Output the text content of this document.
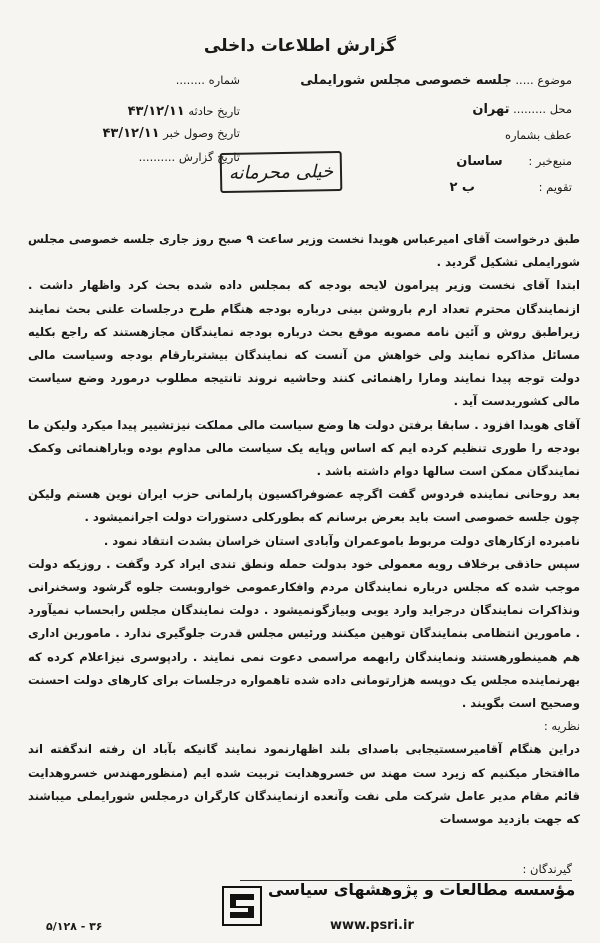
گزارش اطلاعات داخلی
موضوع ..... جلسه خصوصی مجلس شورایملی
محل ......... تهران
عطف بشماره
منبع‌خبر : ساسان
تقویم : ب ۲
شماره ........
تاریخ حادثه ۴۳/۱۲/۱۱
تاریخ وصول خبر ۴۳/۱۲/۱۱
تاریخ گزارش ..........
خیلی محرمانه

طبق درخواست آقای امیرعباس هویدا نخست وزیر ساعت ۹ صبح روز جاری جلسه خصوصی مجلس شورایملی تشکیل گردید .

ابتدا آقای نخست وزیر پیرامون لایحه بودجه که بمجلس داده شده بحث کرد واظهار داشت . ازنمایندگان محترم تعداد ارم باروشن بینی درباره بودجه هنگام طرح درجلسات علنی بحث نمایند زیراطبق روش و آئین نامه مصوبه موقع بحث درباره بودجه نمایندگان مجازهستند که راجع بکلیه مسائل مذاکره نمایند ولی خواهش من آنست که نمایندگان بیشتربارقام بودجه وسیاست مالی دولت توجه پیدا نمایند ومارا راهنمائی کنند وحاشیه نروند تانتیجه مطلوب درمورد وضع سیاست مالی کشوربدست آید .

آقای هویدا افزود . سابقا برفتن دولت ها وضع سیاست مالی مملکت نیزتشییر پیدا میکرد ولیکن ما بودجه را طوری تنظیم کرده ایم که اساس وپایه یک سیاست مالی مداوم بوده وباراهنمائی وکمک نمایندگان ممکن است سالها دوام داشته باشد .

بعد روحانی نماینده فردوس گفت اگرچه عضوفراکسیون پارلمانی حزب ایران نوین هستم ولیکن چون جلسه خصوصی است باید بعرض برسانم که بطورکلی دستورات دولت اجرانمیشود .

نامبرده ازکارهای دولت مربوط باموعمران وآبادی استان خراسان بشدت انتقاد نمود .

سپس حاذقی برخلاف رویه معمولی خود بدولت حمله ونطق تندی ایراد کرد وگفت . روزیکه دولت موجب شده که مجلس درباره نمایندگان مردم وافکارعمومی خواروبست جلوه گرشود وسخنرانی ونذاکرات نمایندگان درجراید وارد یوبی وبیازگونمیشود . دولت نمایندگان مجلس رابحساب نمیآورد . مامورین انتظامی بنمایندگان توهین میکنند ورئیس مجلس قدرت جلوگیری ندارد . مامورین اداری هم همینطورهستند ونمایندگان رابهمه مراسمی دعوت نمی نمایند . رادپوسری نیزاعلام کرده که بهرنماینده مجلس یک دوپسه هزارتومانی داده شده تاهمواره درجلسات برای کارهای دولت احسنت وصحیح است بگویند .

نظریه :

دراین هنگام آقامیرسستیجابی باصدای بلند اظهارنمود نمایند گانیکه بآباد ان رفته اندگفته اند ماافتخار میکنیم که زیرد ست مهند س خسروهدایت تربیت شده ایم (منظورمهندس خسروهدایت قائم مقام مدیر عامل شرکت ملی نفت وآنعده ازنمایندگان کارگران درمجلس شورایملی میباشند که جهت بازدید موسسات

گیرندگان :
مؤسسه مطالعات و پژوهشهای سیاسی
www.psri.ir
۵/۱۲۸ - ۳۶
